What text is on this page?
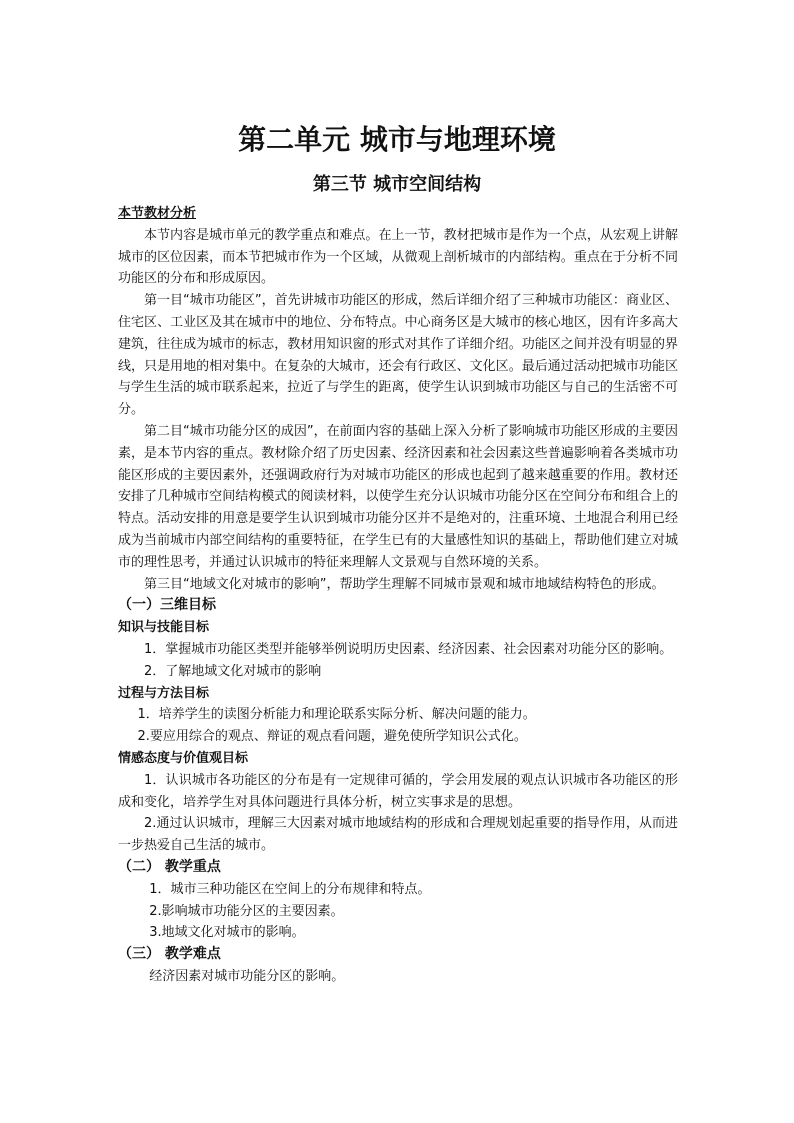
第二单元 城市与地理环境
第三节 城市空间结构

本节教材分析

本节内容是城市单元的教学重点和难点。在上一节，教材把城市是作为一个点，从宏观上讲解城市的区位因素，而本节把城市作为一个区域，从微观上剖析城市的内部结构。重点在于分析不同功能区的分布和形成原因。

第一目“城市功能区”，首先讲城市功能区的形成，然后详细介绍了三种城市功能区：商业区、住宅区、工业区及其在城市中的地位、分布特点。中心商务区是大城市的核心地区，因有许多高大建筑，往往成为城市的标志，教材用知识窗的形式对其作了详细介绍。功能区之间并没有明显的界线，只是用地的相对集中。在复杂的大城市，还会有行政区、文化区。最后通过活动把城市功能区与学生生活的城市联系起来，拉近了与学生的距离，使学生认识到城市功能区与自己的生活密不可分。

第二目“城市功能分区的成因”，在前面内容的基础上深入分析了影响城市功能区形成的主要因素，是本节内容的重点。教材除介绍了历史因素、经济因素和社会因素这些普遍影响着各类城市功能区形成的主要因素外，还强调政府行为对城市功能区的形成也起到了越来越重要的作用。教材还安排了几种城市空间结构模式的阅读材料，以使学生充分认识城市功能分区在空间分布和组合上的特点。活动安排的用意是要学生认识到城市功能分区并不是绝对的，注重环境、土地混合利用已经成为当前城市内部空间结构的重要特征，在学生已有的大量感性知识的基础上，帮助他们建立对城市的理性思考，并通过认识城市的特征来理解人文景观与自然环境的关系。

第三目“地域文化对城市的影响”，帮助学生理解不同城市景观和城市地域结构特色的形成。

（一）三维目标

知识与技能目标

1．掌握城市功能区类型并能够举例说明历史因素、经济因素、社会因素对功能分区的影响。

2．了解地域文化对城市的影响

过程与方法目标

1．培养学生的读图分析能力和理论联系实际分析、解决问题的能力。

2.要应用综合的观点、辩证的观点看问题，避免使所学知识公式化。

情感态度与价值观目标

1．认识城市各功能区的分布是有一定规律可循的，学会用发展的观点认识城市各功能区的形成和变化，培养学生对具体问题进行具体分析，树立实事求是的思想。

2.通过认识城市，理解三大因素对城市地域结构的形成和合理规划起重要的指导作用，从而进一步热爱自己生活的城市。

（二） 教学重点

1．城市三种功能区在空间上的分布规律和特点。

2.影响城市功能分区的主要因素。

3.地域文化对城市的影响。

（三） 教学难点

经济因素对城市功能分区的影响。
